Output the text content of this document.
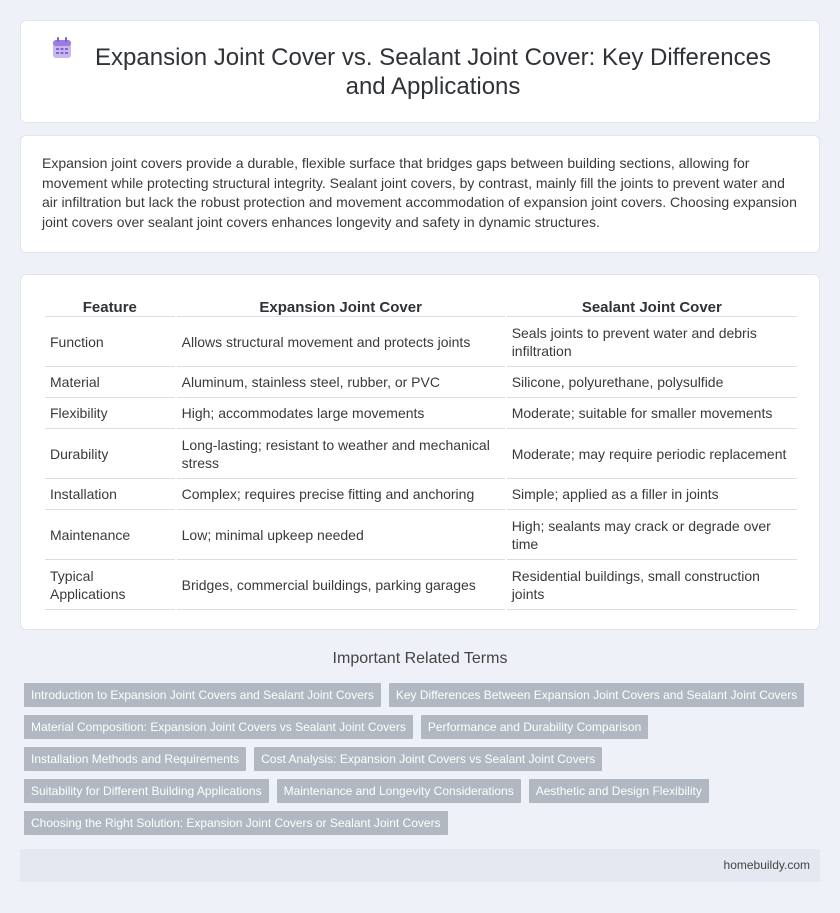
Expansion Joint Cover vs. Sealant Joint Cover: Key Differences and Applications

Expansion joint covers provide a durable, flexible surface that bridges gaps between building sections, allowing for movement while protecting structural integrity. Sealant joint covers, by contrast, mainly fill the joints to prevent water and air infiltration but lack the robust protection and movement accommodation of expansion joint covers. Choosing expansion joint covers over sealant joint covers enhances longevity and safety in dynamic structures.

Feature	Expansion Joint Cover	Sealant Joint Cover
Function	Allows structural movement and protects joints	Seals joints to prevent water and debris infiltration
Material	Aluminum, stainless steel, rubber, or PVC	Silicone, polyurethane, polysulfide
Flexibility	High; accommodates large movements	Moderate; suitable for smaller movements
Durability	Long-lasting; resistant to weather and mechanical stress	Moderate; may require periodic replacement
Installation	Complex; requires precise fitting and anchoring	Simple; applied as a filler in joints
Maintenance	Low; minimal upkeep needed	High; sealants may crack or degrade over time
Typical Applications	Bridges, commercial buildings, parking garages	Residential buildings, small construction joints
Important Related Terms
Introduction to Expansion Joint Covers and Sealant Joint Covers	Key Differences Between Expansion Joint Covers and Sealant Joint Covers
Material Composition: Expansion Joint Covers vs Sealant Joint Covers	Performance and Durability Comparison
Installation Methods and Requirements	Cost Analysis: Expansion Joint Covers vs Sealant Joint Covers
Suitability for Different Building Applications	Maintenance and Longevity Considerations	Aesthetic and Design Flexibility
Choosing the Right Solution: Expansion Joint Covers or Sealant Joint Covers
homebuildy.com
